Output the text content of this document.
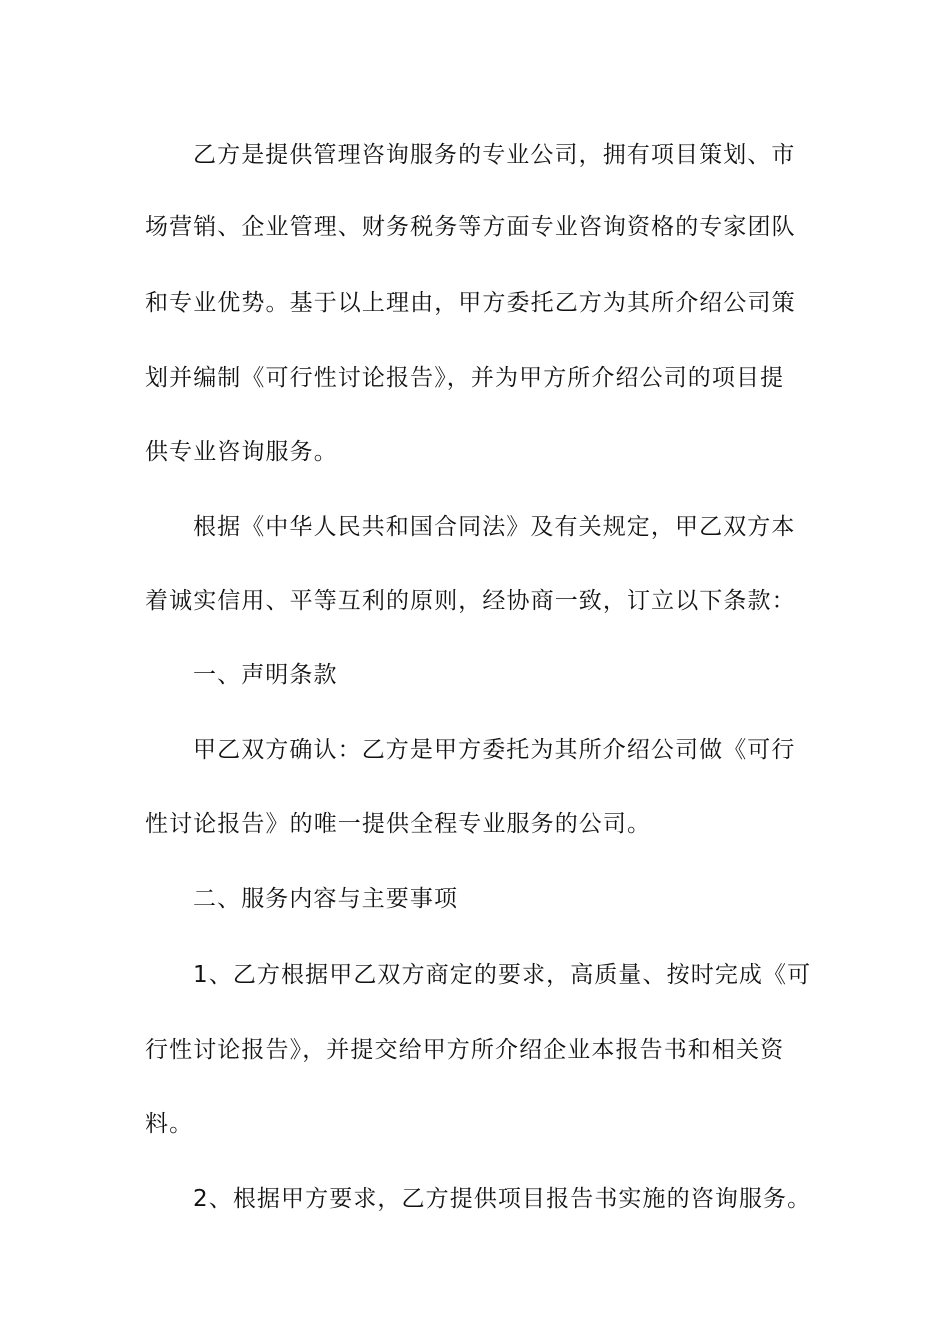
乙方是提供管理咨询服务的专业公司，拥有项目策划、市
场营销、企业管理、财务税务等方面专业咨询资格的专家团队
和专业优势。基于以上理由，甲方委托乙方为其所介绍公司策
划并编制《可行性讨论报告》，并为甲方所介绍公司的项目提
供专业咨询服务。
根据《中华人民共和国合同法》及有关规定，甲乙双方本
着诚实信用、平等互利的原则，经协商一致，订立以下条款：
一、声明条款
甲乙双方确认：乙方是甲方委托为其所介绍公司做《可行
性讨论报告》的唯一提供全程专业服务的公司。
二、服务内容与主要事项
1、乙方根据甲乙双方商定的要求，高质量、按时完成《可
行性讨论报告》，并提交给甲方所介绍企业本报告书和相关资
料。
2、根据甲方要求，乙方提供项目报告书实施的咨询服务。
